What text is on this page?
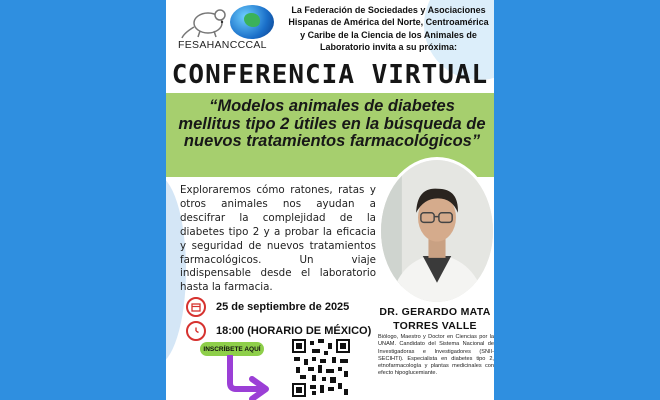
FESAHANCCCAL
La Federación de Sociedades y Asociaciones Hispanas de América del Norte, Centroamérica y Caribe de la Ciencia de los Animales de Laboratorio invita a su próxima:
CONFERENCIA VIRTUAL
“Modelos animales de diabetes mellitus tipo 2 útiles en la búsqueda de nuevos tratamientos farmacológicos”
Exploraremos cómo ratones, ratas y otros animales nos ayudan a descifrar la complejidad de la diabetes tipo 2 y a probar la eficacia y seguridad de nuevos tratamientos farmacológicos. Un viaje indispensable desde el laboratorio hasta la farmacia.
25 de septiembre de 2025
18:00 (HORARIO DE MÉXICO)
DR. GERARDO MATA
TORRES VALLE
Biólogo, Maestro y Doctor en Ciencias por la UNAM. Candidato del Sistema Nacional de Investigadoras e Investigadores (SNII-SECIHTI). Especialista en diabetes tipo 2, etnofarmacología y plantas medicinales con efecto hipoglucemiante.
INSCRÍBETE AQUÍ
